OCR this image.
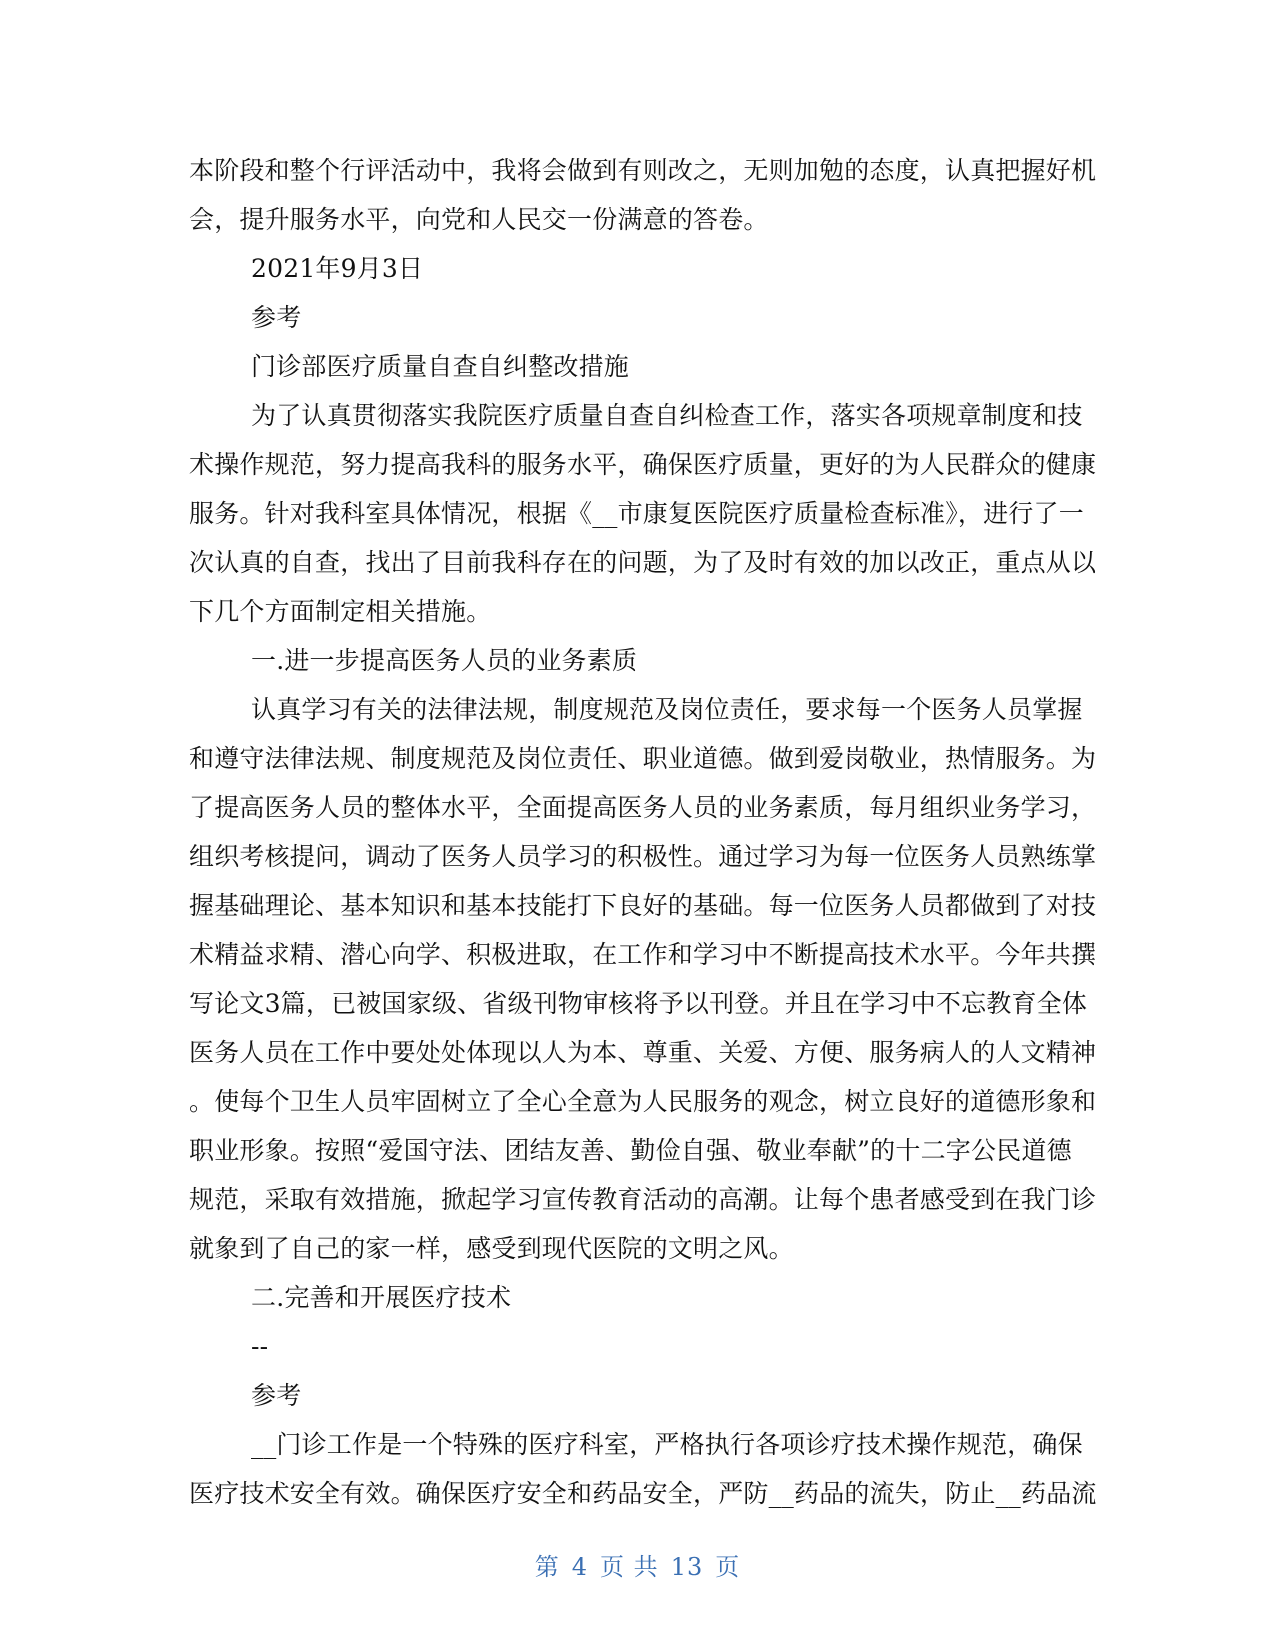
本阶段和整个行评活动中，我将会做到有则改之，无则加勉的态度，认真把握好机
会，提升服务水平，向党和人民交一份满意的答卷。
2021年9月3日
参考
门诊部医疗质量自查自纠整改措施
为了认真贯彻落实我院医疗质量自查自纠检查工作，落实各项规章制度和技
术操作规范，努力提高我科的服务水平，确保医疗质量，更好的为人民群众的健康
服务。针对我科室具体情况，根据《__市康复医院医疗质量检查标准》，进行了一
次认真的自查，找出了目前我科存在的问题，为了及时有效的加以改正，重点从以
下几个方面制定相关措施。
一.进一步提高医务人员的业务素质
认真学习有关的法律法规，制度规范及岗位责任，要求每一个医务人员掌握
和遵守法律法规、制度规范及岗位责任、职业道德。做到爱岗敬业，热情服务。为
了提高医务人员的整体水平，全面提高医务人员的业务素质，每月组织业务学习，
组织考核提问，调动了医务人员学习的积极性。通过学习为每一位医务人员熟练掌
握基础理论、基本知识和基本技能打下良好的基础。每一位医务人员都做到了对技
术精益求精、潜心向学、积极进取，在工作和学习中不断提高技术水平。今年共撰
写论文3篇，已被国家级、省级刊物审核将予以刊登。并且在学习中不忘教育全体
医务人员在工作中要处处体现以人为本、尊重、关爱、方便、服务病人的人文精神
。使每个卫生人员牢固树立了全心全意为人民服务的观念，树立良好的道德形象和
职业形象。按照“爱国守法、团结友善、勤俭自强、敬业奉献”的十二字公民道德
规范，采取有效措施，掀起学习宣传教育活动的高潮。让每个患者感受到在我门诊
就象到了自己的家一样，感受到现代医院的文明之风。
二.完善和开展医疗技术
--
参考
__门诊工作是一个特殊的医疗科室，严格执行各项诊疗技术操作规范，确保
医疗技术安全有效。确保医疗安全和药品安全，严防__药品的流失，防止__药品流
第 4 页 共 13 页
